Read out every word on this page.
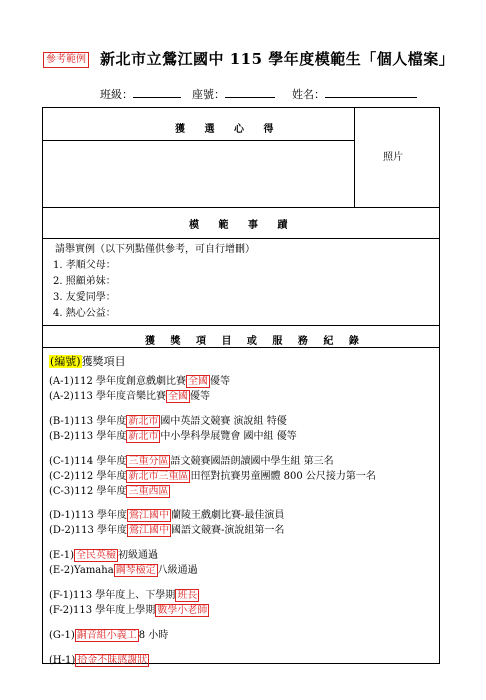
參考範例 新北市立鶯江國中 115 學年度模範生「個人檔案」
班級：	座號：	姓名：
獲 選 心 得
照片
模 範 事 蹟
請舉實例（以下列點僅供參考，可自行增刪）
1. 孝順父母：
2. 照顧弟妹：
3. 友愛同學：
4. 熱心公益：
獲 獎 項 目 或 服 務 紀 錄
(編號)獲獎項目
(A-1)112 學年度創意戲劇比賽 全國 優等
(A-2)113 學年度音樂比賽 全國 優等
(B-1)113 學年度 新北市 國中英語文競賽 演說組 特優
(B-2)113 學年度 新北市 中小學科學展覽會 國中組 優等
(C-1)114 學年度 三重分區 語文競賽國語朗讀國中學生組 第三名
(C-2)112 學年度 新北市三重區 田徑對抗賽男童團體 800 公尺接力第一名
(C-3)112 學年度 三重西區
(D-1)113 學年度 鶯江國中 蘭陵王戲劇比賽-最佳演員
(D-2)113 學年度 鶯江國中 國語文競賽-演說組第一名
(E-1) 全民英檢 初級通過
(E-2)Yamaha 鋼琴檢定 八級通過
(F-1)113 學年度上、下學期 班長
(F-2)113 學年度上學期 數學小老師
(G-1) 銅音組小義工 8 小時
(H-1) 拾金不昧感謝狀
